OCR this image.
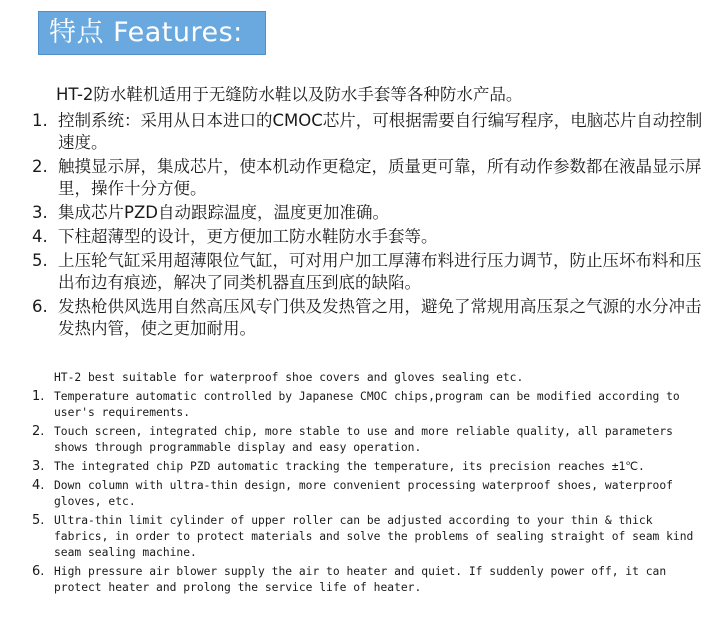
特点 Features:

HT-2防水鞋机适用于无缝防水鞋以及防水手套等各种防水产品。

1. 控制系统：采用从日本进口的CMOC芯片，可根据需要自行编写程序，电脑芯片自动控制速度。
2. 触摸显示屏，集成芯片，使本机动作更稳定，质量更可靠，所有动作参数都在液晶显示屏里，操作十分方便。
3. 集成芯片PZD自动跟踪温度，温度更加准确。
4. 下柱超薄型的设计，更方便加工防水鞋防水手套等。
5. 上压轮气缸采用超薄限位气缸，可对用户加工厚薄布料进行压力调节，防止压坏布料和压出布边有痕迹，解决了同类机器直压到底的缺陷。
6. 发热枪供风选用自然高压风专门供及发热管之用，避免了常规用高压泵之气源的水分冲击发热内管，使之更加耐用。

HT-2 best suitable for waterproof shoe covers and gloves sealing etc.

1. Temperature automatic controlled by Japanese CMOC chips,program can be modified according to user's requirements.
2. Touch screen, integrated chip, more stable to use and more reliable quality, all parameters shows through programmable display and easy operation.
3. The integrated chip PZD automatic tracking the temperature, its precision reaches ±1℃.
4. Down column with ultra-thin design, more convenient processing waterproof shoes, waterproof gloves, etc.
5. Ultra-thin limit cylinder of upper roller can be adjusted according to your thin & thick fabrics, in order to protect materials and solve the problems of sealing straight of seam kind seam sealing machine.
6. High pressure air blower supply the air to heater and quiet. If suddenly power off, it can protect heater and prolong the service life of heater.
